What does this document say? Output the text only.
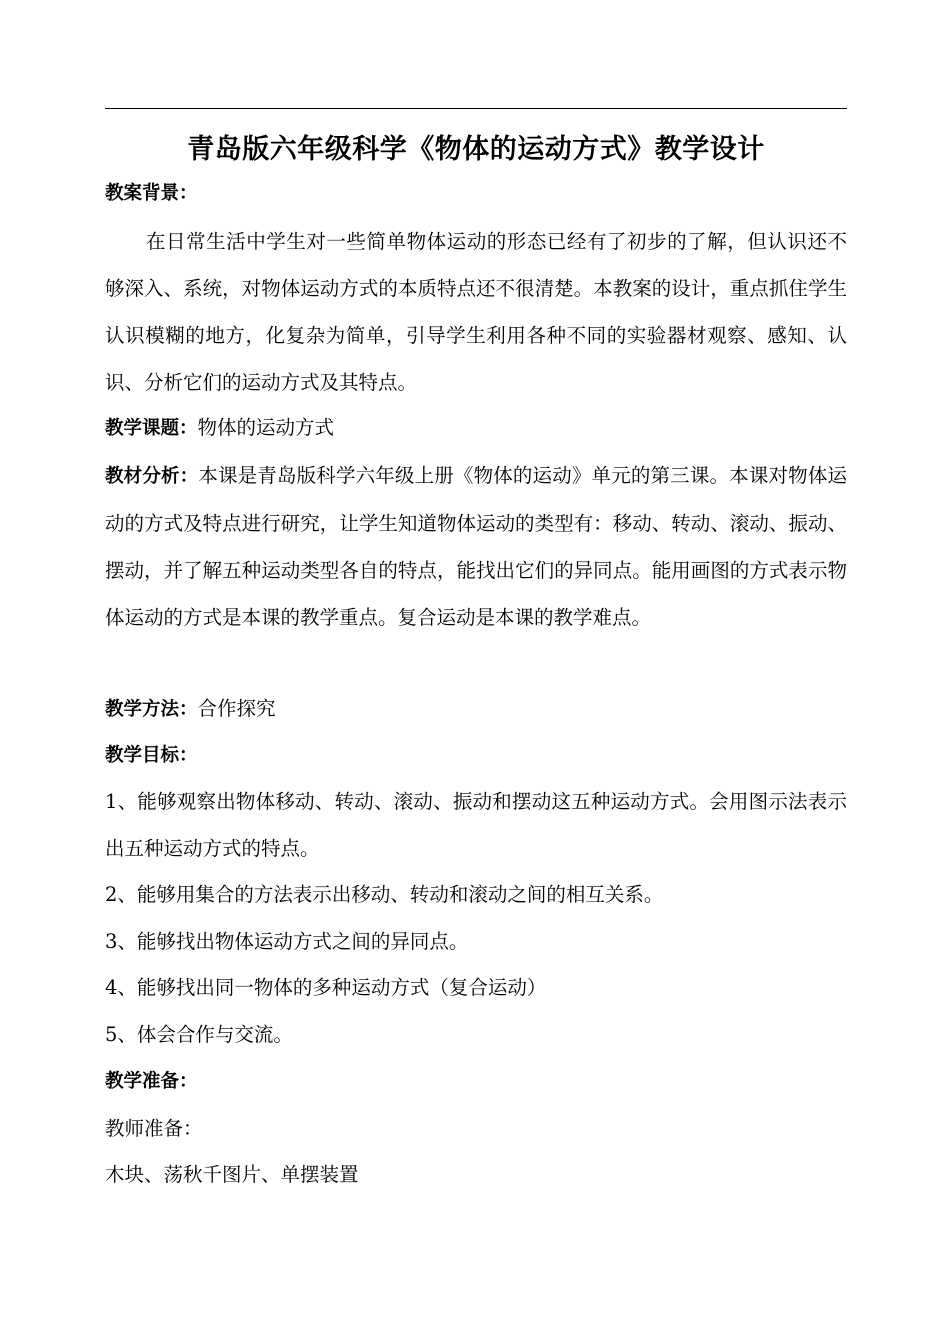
青岛版六年级科学《物体的运动方式》教学设计
教案背景：
在日常生活中学生对一些简单物体运动的形态已经有了初步的了解，但认识还不够深入、系统，对物体运动方式的本质特点还不很清楚。本教案的设计，重点抓住学生认识模糊的地方，化复杂为简单，引导学生利用各种不同的实验器材观察、感知、认识、分析它们的运动方式及其特点。
教学课题：物体的运动方式
教材分析：本课是青岛版科学六年级上册《物体的运动》单元的第三课。本课对物体运动的方式及特点进行研究，让学生知道物体运动的类型有：移动、转动、滚动、振动、摆动，并了解五种运动类型各自的特点，能找出它们的异同点。能用画图的方式表示物体运动的方式是本课的教学重点。复合运动是本课的教学难点。
教学方法：合作探究
教学目标：
1、能够观察出物体移动、转动、滚动、振动和摆动这五种运动方式。会用图示法表示出五种运动方式的特点。
2、能够用集合的方法表示出移动、转动和滚动之间的相互关系。
3、能够找出物体运动方式之间的异同点。
4、能够找出同一物体的多种运动方式（复合运动）
5、体会合作与交流。
教学准备：
教师准备：
木块、荡秋千图片、单摆装置
